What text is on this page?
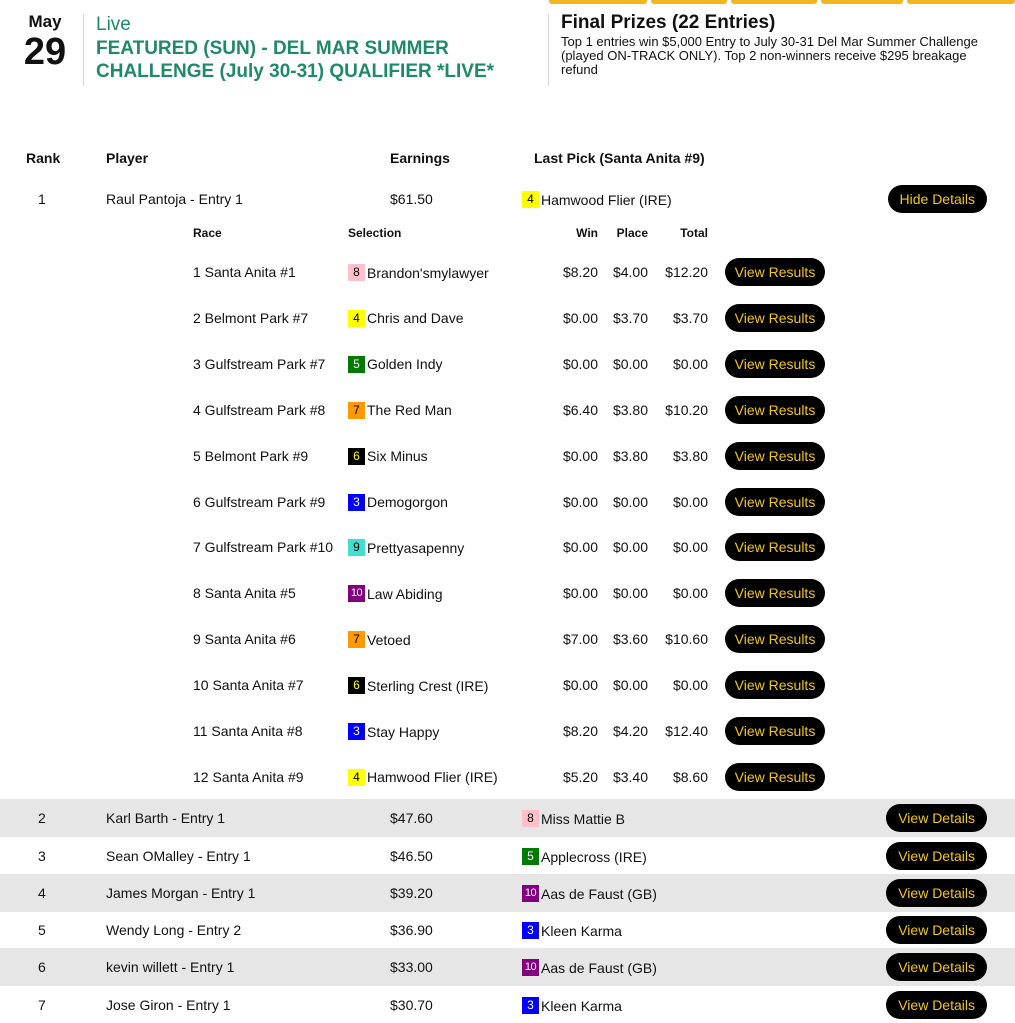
May
29
Live
FEATURED (SUN) - DEL MAR SUMMER CHALLENGE (July 30-31) QUALIFIER *LIVE*
Final Prizes (22 Entries)
Top 1 entries win $5,000 Entry to July 30-31 Del Mar Summer Challenge (played ON-TRACK ONLY). Top 2 non-winners receive $295 breakage refund
Rank	Player	Earnings	Last Pick (Santa Anita #9)
1	Raul Pantoja - Entry 1	$61.50	4 Hamwood Flier (IRE)	Hide Details
2	Karl Barth - Entry 1	$47.60	8 Miss Mattie B	View Details
3	Sean OMalley - Entry 1	$46.50	5 Applecross (IRE)	View Details
4	James Morgan - Entry 1	$39.20	10 Aas de Faust (GB)	View Details
5	Wendy Long - Entry 2	$36.90	3 Kleen Karma	View Details
6	kevin willett - Entry 1	$33.00	10 Aas de Faust (GB)	View Details
7	Jose Giron - Entry 1	$30.70	3 Kleen Karma	View Details
Race	Selection	Win	Place	Total
1 Santa Anita #1	8 Brandon'smylawyer	$8.20	$4.00	$12.20	View Results
2 Belmont Park #7	4 Chris and Dave	$0.00	$3.70	$3.70	View Results
3 Gulfstream Park #7	5 Golden Indy	$0.00	$0.00	$0.00	View Results
4 Gulfstream Park #8	7 The Red Man	$6.40	$3.80	$10.20	View Results
5 Belmont Park #9	6 Six Minus	$0.00	$3.80	$3.80	View Results
6 Gulfstream Park #9	3 Demogorgon	$0.00	$0.00	$0.00	View Results
7 Gulfstream Park #10	9 Prettyasapenny	$0.00	$0.00	$0.00	View Results
8 Santa Anita #5	10 Law Abiding	$0.00	$0.00	$0.00	View Results
9 Santa Anita #6	7 Vetoed	$7.00	$3.60	$10.60	View Results
10 Santa Anita #7	6 Sterling Crest (IRE)	$0.00	$0.00	$0.00	View Results
11 Santa Anita #8	3 Stay Happy	$8.20	$4.20	$12.40	View Results
12 Santa Anita #9	4 Hamwood Flier (IRE)	$5.20	$3.40	$8.60	View Results
